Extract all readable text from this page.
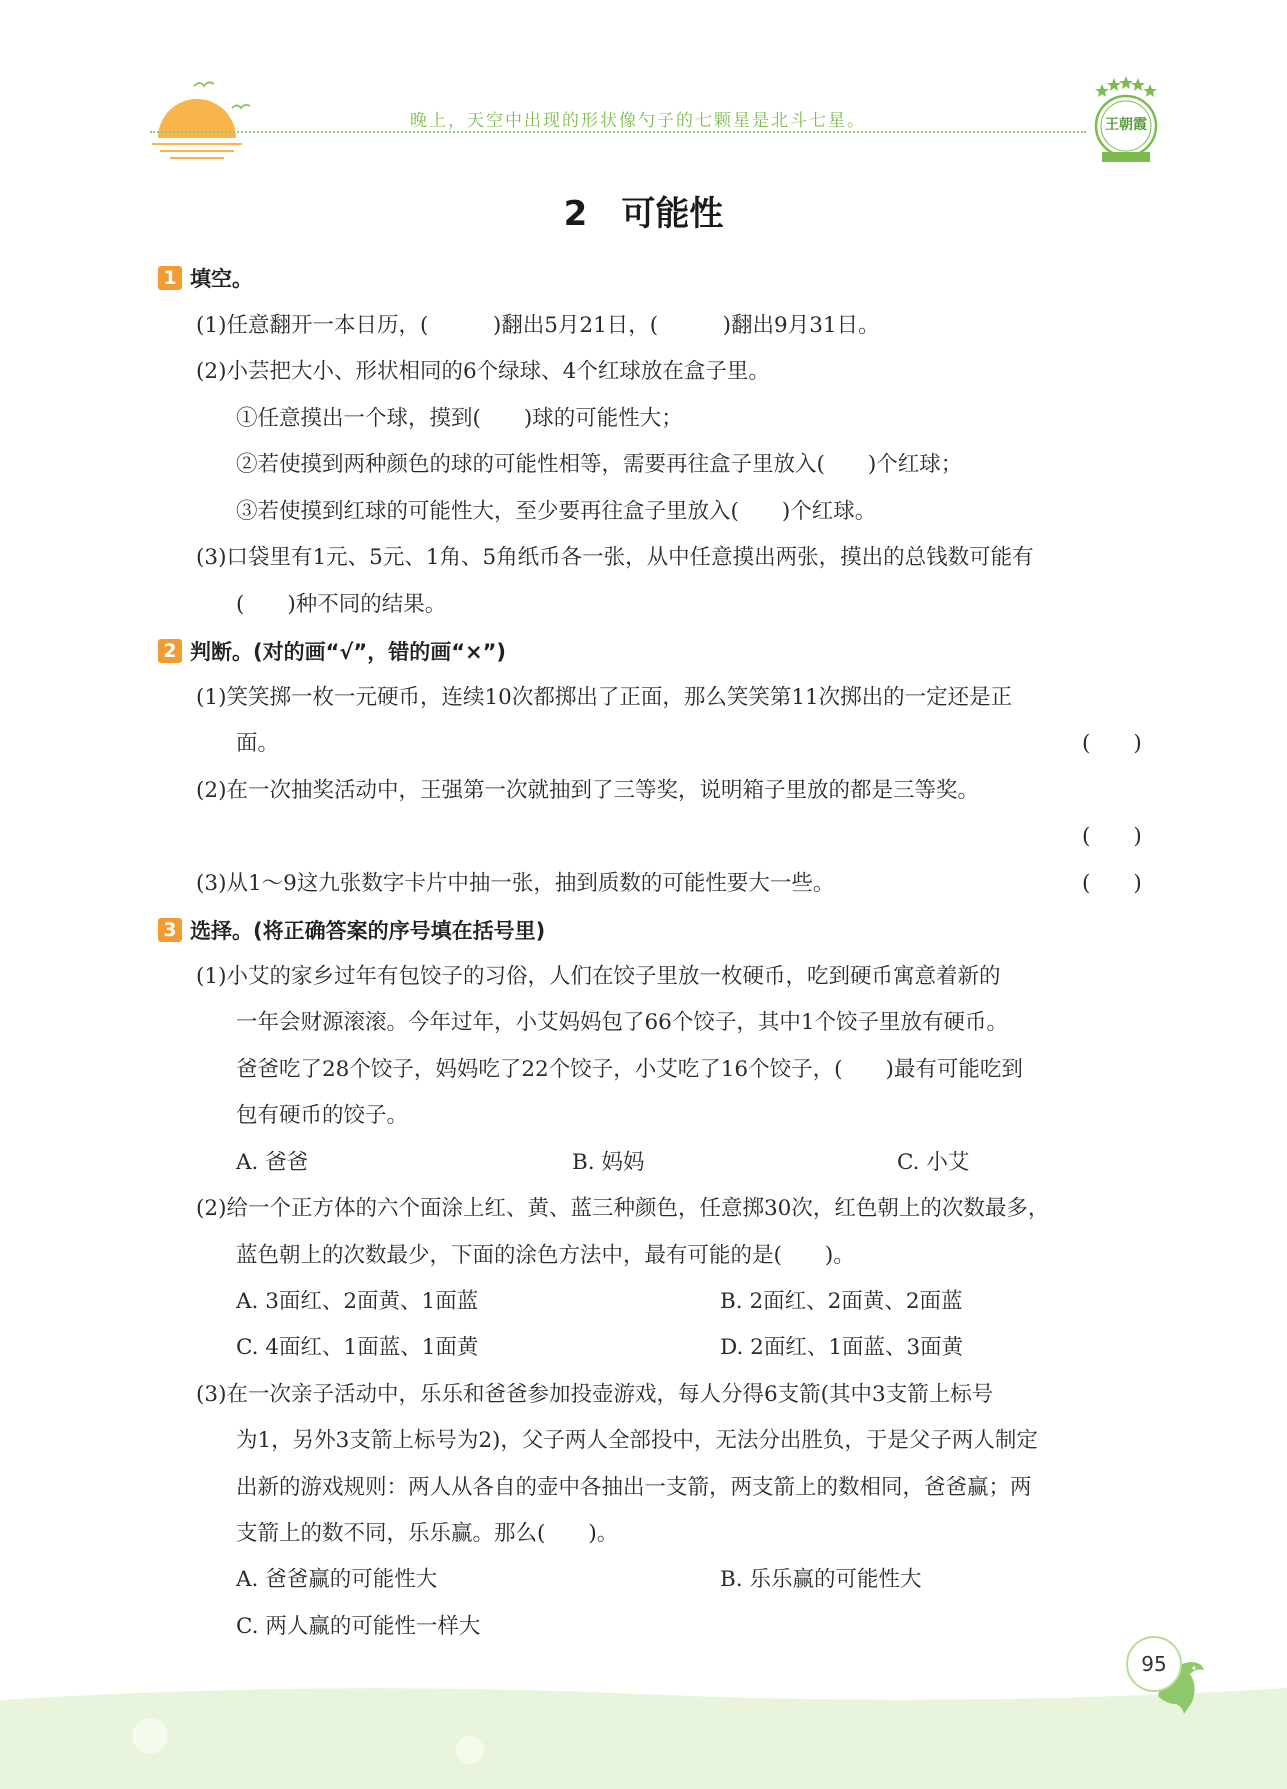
晚上，天空中出现的形状像勺子的七颗星是北斗七星。	王朝霞
2　可能性
1 填空。
(1)任意翻开一本日历，(　　　)翻出5月21日，(　　　)翻出9月31日。
(2)小芸把大小、形状相同的6个绿球、4个红球放在盒子里。
①任意摸出一个球，摸到(　　)球的可能性大；
②若使摸到两种颜色的球的可能性相等，需要再往盒子里放入(　　)个红球；
③若使摸到红球的可能性大，至少要再往盒子里放入(　　)个红球。
(3)口袋里有1元、5元、1角、5角纸币各一张，从中任意摸出两张，摸出的总钱数可能有
(　　)种不同的结果。
2 判断。(对的画“√”，错的画“×”)
(1)笑笑掷一枚一元硬币，连续10次都掷出了正面，那么笑笑第11次掷出的一定还是正
面。	(　　)
(2)在一次抽奖活动中，王强第一次就抽到了三等奖，说明箱子里放的都是三等奖。
(　　)
(3)从1～9这九张数字卡片中抽一张，抽到质数的可能性要大一些。	(　　)
3 选择。(将正确答案的序号填在括号里)
(1)小艾的家乡过年有包饺子的习俗，人们在饺子里放一枚硬币，吃到硬币寓意着新的
一年会财源滚滚。今年过年，小艾妈妈包了66个饺子，其中1个饺子里放有硬币。
爸爸吃了28个饺子，妈妈吃了22个饺子，小艾吃了16个饺子，(　　)最有可能吃到
包有硬币的饺子。
A. 爸爸	B. 妈妈	C. 小艾
(2)给一个正方体的六个面涂上红、黄、蓝三种颜色，任意掷30次，红色朝上的次数最多，
蓝色朝上的次数最少，下面的涂色方法中，最有可能的是(　　)。
A. 3面红、2面黄、1面蓝	B. 2面红、2面黄、2面蓝
C. 4面红、1面蓝、1面黄	D. 2面红、1面蓝、3面黄
(3)在一次亲子活动中，乐乐和爸爸参加投壶游戏，每人分得6支箭(其中3支箭上标号
为1，另外3支箭上标号为2)，父子两人全部投中，无法分出胜负，于是父子两人制定
出新的游戏规则：两人从各自的壶中各抽出一支箭，两支箭上的数相同，爸爸赢；两
支箭上的数不同，乐乐赢。那么(　　)。
A. 爸爸赢的可能性大	B. 乐乐赢的可能性大
C. 两人赢的可能性一样大
95
